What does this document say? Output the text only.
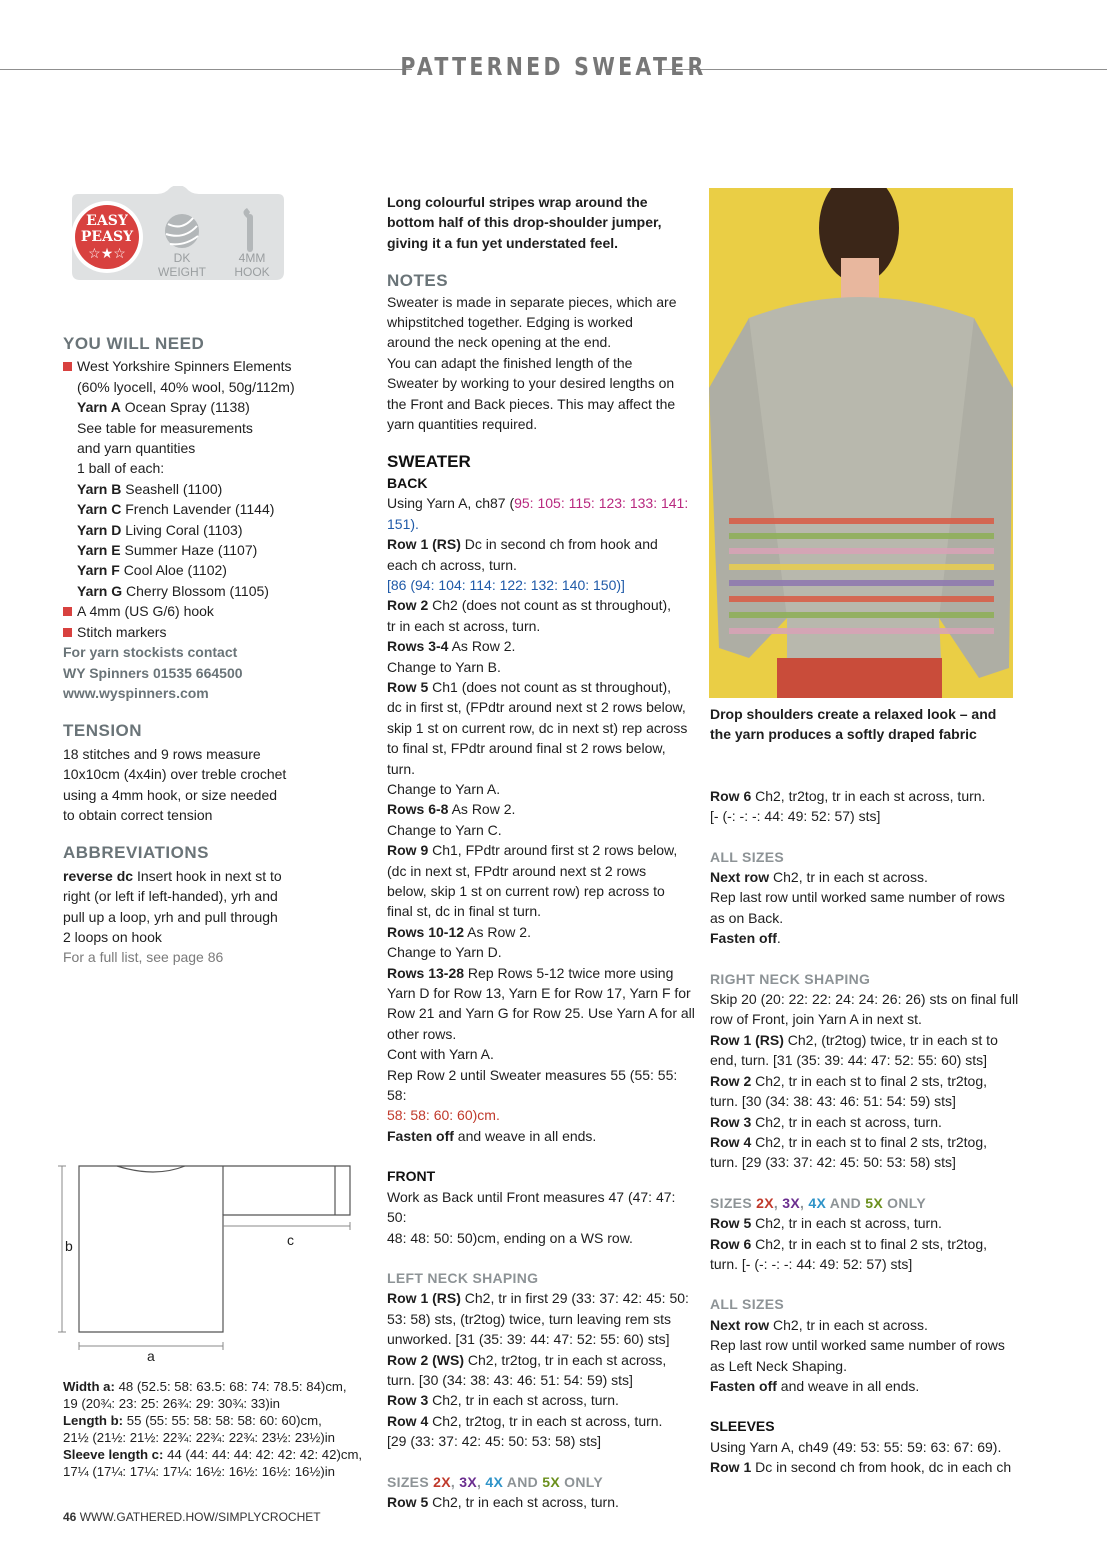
PATTERNED SWEATER
EASY
PEASY
☆★☆	DK
WEIGHT
4MM
HOOK

YOU WILL NEED

West Yorkshire Spinners Elements

(60% lyocell, 40% wool, 50g/112m)

Yarn A Ocean Spray (1138)

See table for measurements

and yarn quantities

1 ball of each:

Yarn B Seashell (1100)

Yarn C French Lavender (1144)

Yarn D Living Coral (1103)

Yarn E Summer Haze (1107)

Yarn F Cool Aloe (1102)

Yarn G Cherry Blossom (1105)

A 4mm (US G/6) hook

Stitch markers

For yarn stockists contact

WY Spinners 01535 664500

www.wyspinners.com

TENSION

18 stitches and 9 rows measure

10x10cm (4x4in) over treble crochet

using a 4mm hook, or size needed

to obtain correct tension

ABBREVIATIONS

reverse dc Insert hook in next st to

right (or left if left-handed), yrh and

pull up a loop, yrh and pull through

2 loops on hook

For a full list, see page 86

b	c
a
Width a: 48 (52.5: 58: 63.5: 68: 74: 78.5: 84)cm,
19 (20¾: 23: 25: 26¾: 29: 30¾: 33)in
Length b: 55 (55: 55: 58: 58: 58: 60: 60)cm,
21½ (21½: 21½: 22¾: 22¾: 22¾: 23½: 23½)in
Sleeve length c: 44 (44: 44: 44: 42: 42: 42: 42)cm,
17¼ (17¼: 17¼: 17¼: 16½: 16½: 16½: 16½)in
46 WWW.GATHERED.HOW/SIMPLYCROCHET

Long colourful stripes wrap around the

bottom half of this drop-shoulder jumper,

giving it a fun yet understated feel.

NOTES

Sweater is made in separate pieces, which are

whipstitched together. Edging is worked

around the neck opening at the end.

You can adapt the finished length of the

Sweater by working to your desired lengths on

the Front and Back pieces. This may affect the

yarn quantities required.

SWEATER

BACK

Using Yarn A, ch87 (95: 105: 115: 123: 133: 141:

151).

Row 1 (RS) Dc in second ch from hook and

each ch across, turn.

[86 (94: 104: 114: 122: 132: 140: 150)]

Row 2 Ch2 (does not count as st throughout),

tr in each st across, turn.

Rows 3-4 As Row 2.

Change to Yarn B.

Row 5 Ch1 (does not count as st throughout),

dc in first st, (FPdtr around next st 2 rows below,

skip 1 st on current row, dc in next st) rep across

to final st, FPdtr around final st 2 rows below,

turn.

Change to Yarn A.

Rows 6-8 As Row 2.

Change to Yarn C.

Row 9 Ch1, FPdtr around first st 2 rows below,

(dc in next st, FPdtr around next st 2 rows

below, skip 1 st on current row) rep across to

final st, dc in final st turn.

Rows 10-12 As Row 2.

Change to Yarn D.

Rows 13-28 Rep Rows 5-12 twice more using

Yarn D for Row 13, Yarn E for Row 17, Yarn F for

Row 21 and Yarn G for Row 25. Use Yarn A for all

other rows.

Cont with Yarn A.

Rep Row 2 until Sweater measures 55 (55: 55: 58:

58: 58: 60: 60)cm.

Fasten off and weave in all ends.

FRONT

Work as Back until Front measures 47 (47: 47: 50:

48: 48: 50: 50)cm, ending on a WS row.

LEFT NECK SHAPING

Row 1 (RS) Ch2, tr in first 29 (33: 37: 42: 45: 50:

53: 58) sts, (tr2tog) twice, turn leaving rem sts

unworked. [31 (35: 39: 44: 47: 52: 55: 60) sts]

Row 2 (WS) Ch2, tr2tog, tr in each st across,

turn. [30 (34: 38: 43: 46: 51: 54: 59) sts]

Row 3 Ch2, tr in each st across, turn.

Row 4 Ch2, tr2tog, tr in each st across, turn.

[29 (33: 37: 42: 45: 50: 53: 58) sts]

SIZES 2X, 3X, 4X AND 5X ONLY

Row 5 Ch2, tr in each st across, turn.

Drop shoulders create a relaxed look – and

the yarn produces a softly draped fabric

Row 6 Ch2, tr2tog, tr in each st across, turn.

[- (-: -: -: 44: 49: 52: 57) sts]

ALL SIZES

Next row Ch2, tr in each st across.

Rep last row until worked same number of rows

as on Back.

Fasten off.

RIGHT NECK SHAPING

Skip 20 (20: 22: 22: 24: 24: 26: 26) sts on final full

row of Front, join Yarn A in next st.

Row 1 (RS) Ch2, (tr2tog) twice, tr in each st to

end, turn. [31 (35: 39: 44: 47: 52: 55: 60) sts]

Row 2 Ch2, tr in each st to final 2 sts, tr2tog,

turn. [30 (34: 38: 43: 46: 51: 54: 59) sts]

Row 3 Ch2, tr in each st across, turn.

Row 4 Ch2, tr in each st to final 2 sts, tr2tog,

turn. [29 (33: 37: 42: 45: 50: 53: 58) sts]

SIZES 2X, 3X, 4X AND 5X ONLY

Row 5 Ch2, tr in each st across, turn.

Row 6 Ch2, tr in each st to final 2 sts, tr2tog,

turn. [- (-: -: -: 44: 49: 52: 57) sts]

ALL SIZES

Next row Ch2, tr in each st across.

Rep last row until worked same number of rows

as Left Neck Shaping.

Fasten off and weave in all ends.

SLEEVES

Using Yarn A, ch49 (49: 53: 55: 59: 63: 67: 69).

Row 1 Dc in second ch from hook, dc in each ch
